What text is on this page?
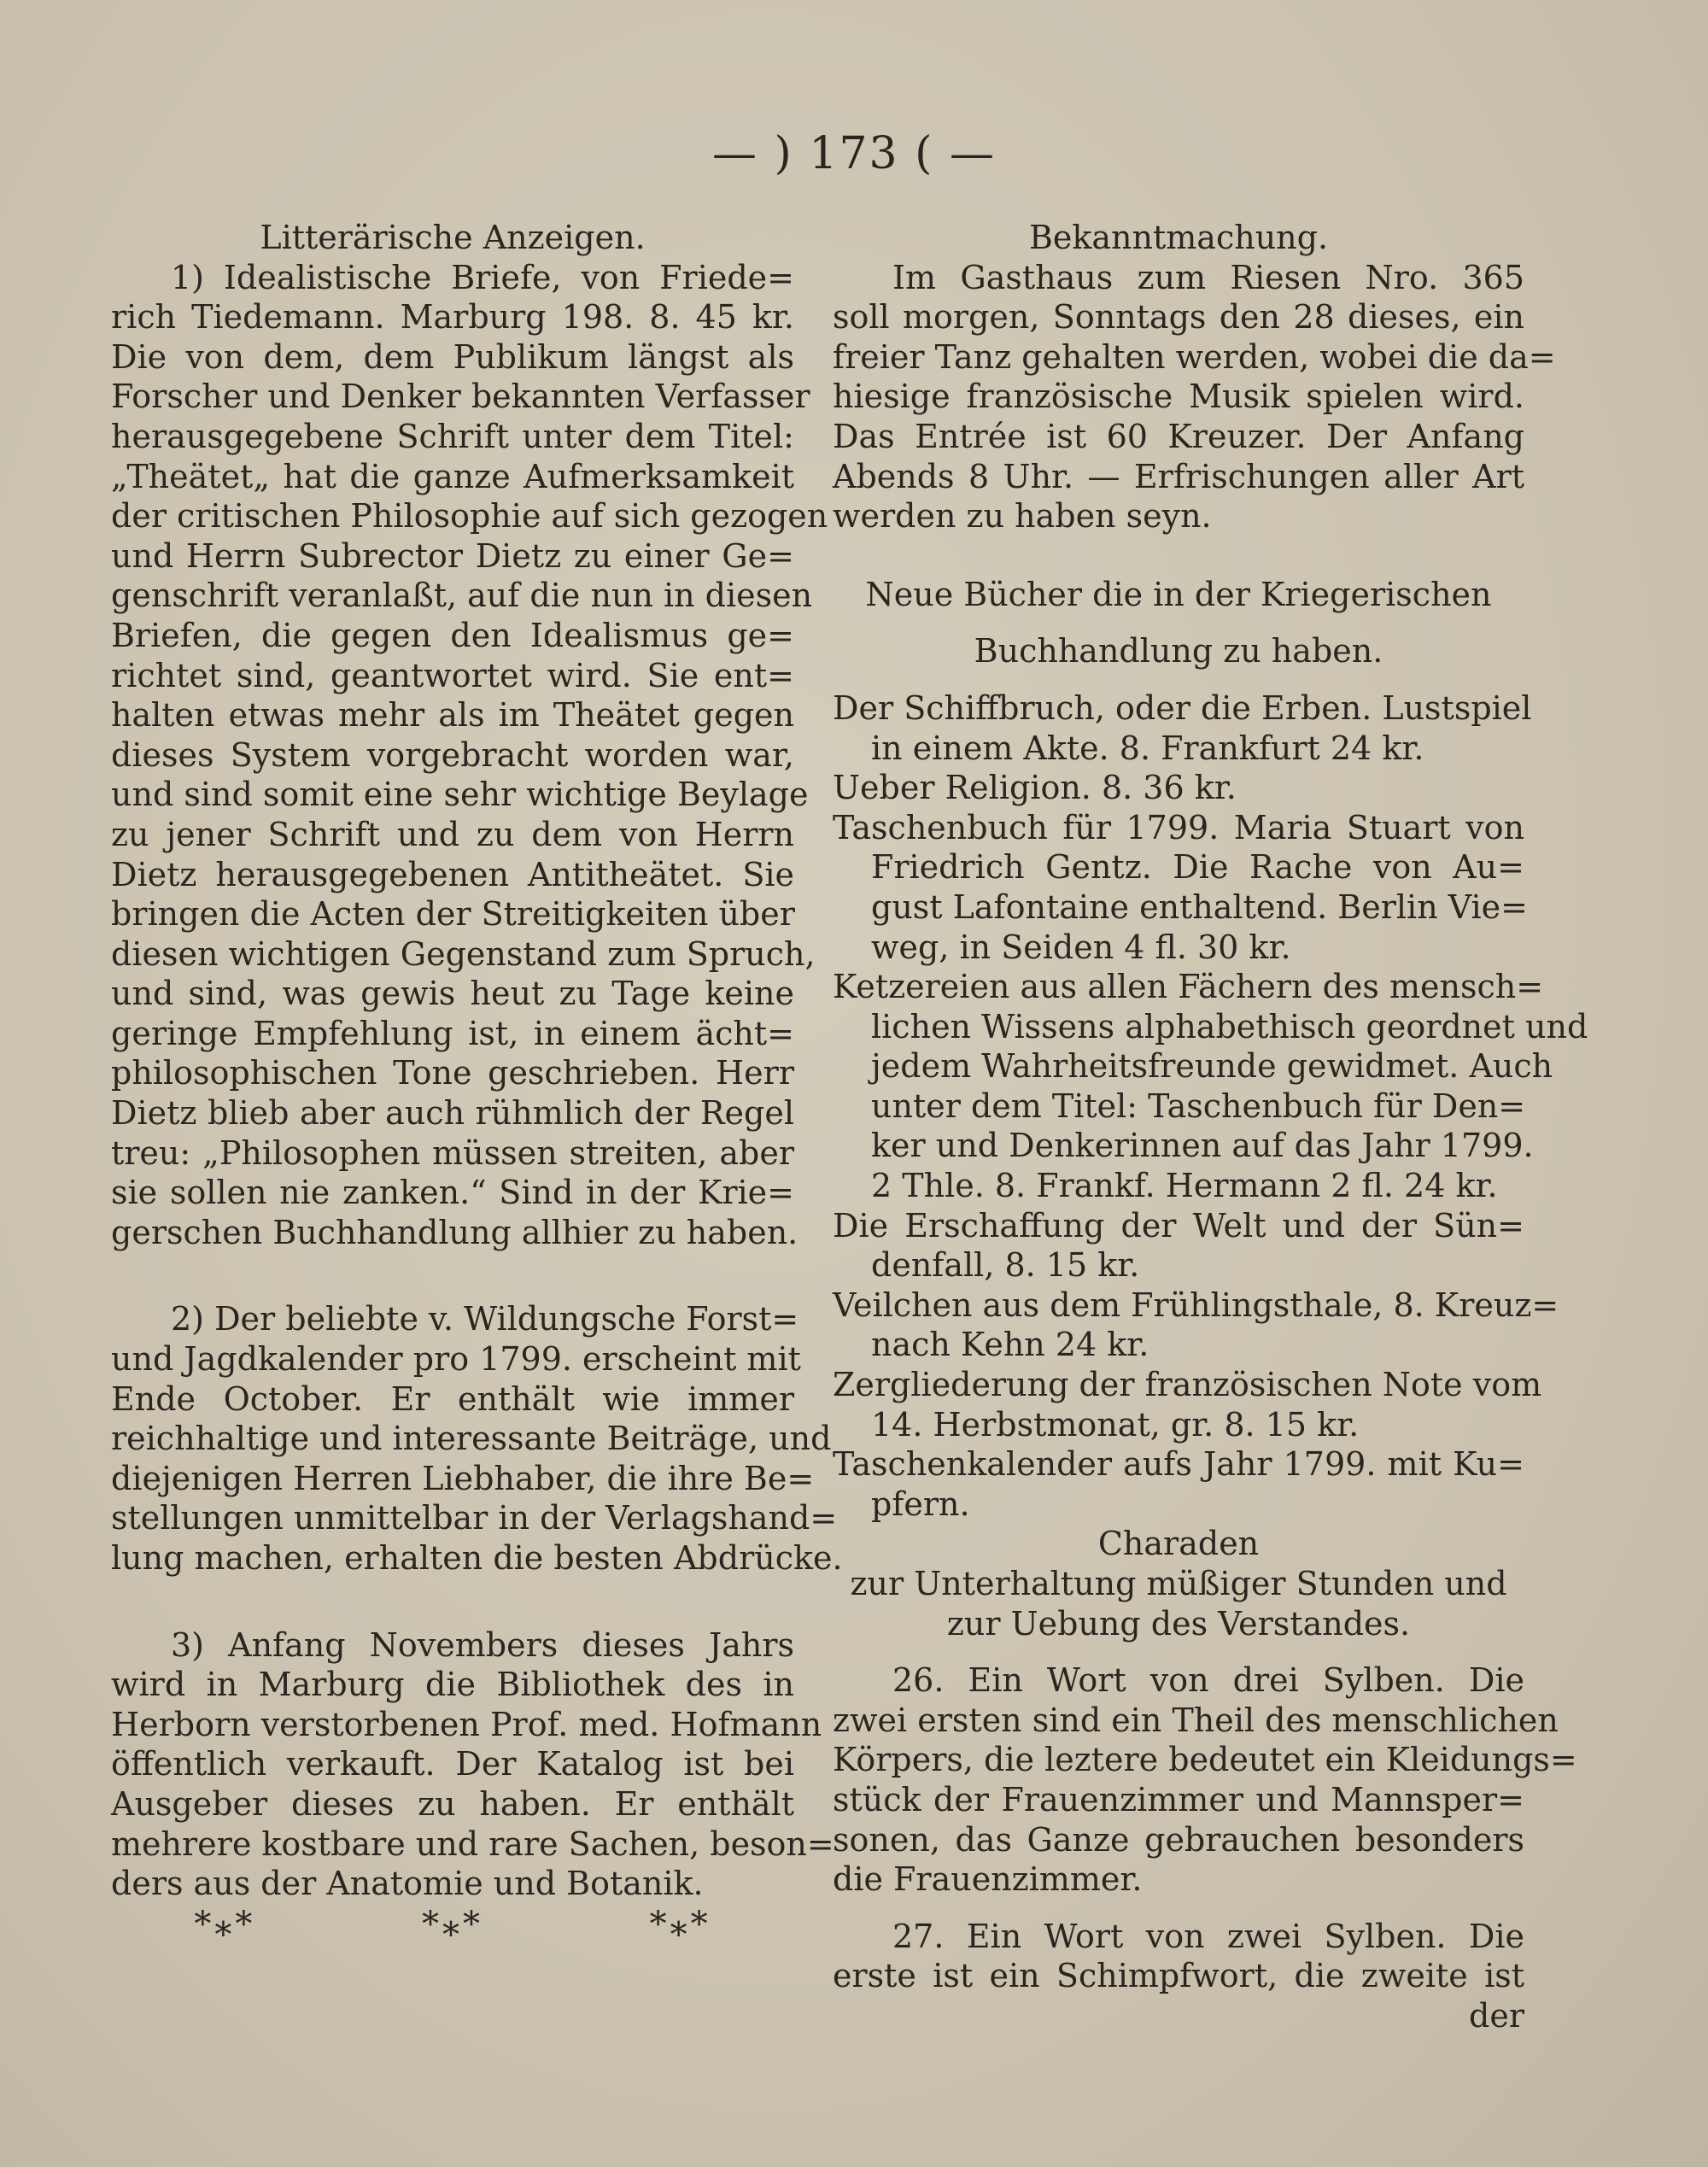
— ) 173 ( —

Litterärische Anzeigen.

1) Idealistische Briefe, von Friede=
rich Tiedemann. Marburg 198. 8. 45 kr.
Die von dem, dem Publikum längst als
Forscher und Denker bekannten Verfasser
herausgegebene Schrift unter dem Titel:
„Theätet„ hat die ganze Aufmerksamkeit
der critischen Philosophie auf sich gezogen
und Herrn Subrector Dietz zu einer Ge=
genschrift veranlaßt, auf die nun in diesen
Briefen, die gegen den Idealismus ge=
richtet sind, geantwortet wird. Sie ent=
halten etwas mehr als im Theätet gegen
dieses System vorgebracht worden war,
und sind somit eine sehr wichtige Beylage
zu jener Schrift und zu dem von Herrn
Dietz herausgegebenen Antitheätet. Sie
bringen die Acten der Streitigkeiten über
diesen wichtigen Gegenstand zum Spruch,
und sind, was gewis heut zu Tage keine
geringe Empfehlung ist, in einem ächt=
philosophischen Tone geschrieben. Herr
Dietz blieb aber auch rühmlich der Regel
treu: „Philosophen müssen streiten, aber
sie sollen nie zanken.“ Sind in der Krie=
gerschen Buchhandlung allhier zu haben.
2) Der beliebte v. Wildungsche Forst=
und Jagdkalender pro 1799. erscheint mit
Ende October. Er enthält wie immer
reichhaltige und interessante Beiträge, und
diejenigen Herren Liebhaber, die ihre Be=
stellungen unmittelbar in der Verlagshand=
lung machen, erhalten die besten Abdrücke.
3) Anfang Novembers dieses Jahrs
wird in Marburg die Bibliothek des in
Herborn verstorbenen Prof. med. Hofmann
öffentlich verkauft. Der Katalog ist bei
Ausgeber dieses zu haben. Er enthält
mehrere kostbare und rare Sachen, beson=
ders aus der Anatomie und Botanik.
*⁎*	*⁎*	*⁎*

Bekanntmachung.

Im Gasthaus zum Riesen Nro. 365
soll morgen, Sonntags den 28 dieses, ein
freier Tanz gehalten werden, wobei die da=
hiesige französische Musik spielen wird.
Das Entrée ist 60 Kreuzer. Der Anfang
Abends 8 Uhr. — Erfrischungen aller Art
werden zu haben seyn.

Neue Bücher die in der Kriegerischen

Buchhandlung zu haben.

Der Schiffbruch, oder die Erben. Lustspiel
in einem Akte. 8. Frankfurt 24 kr.
Ueber Religion. 8. 36 kr.
Taschenbuch für 1799. Maria Stuart von
Friedrich Gentz. Die Rache von Au=
gust Lafontaine enthaltend. Berlin Vie=
weg, in Seiden 4 fl. 30 kr.
Ketzereien aus allen Fächern des mensch=
lichen Wissens alphabethisch geordnet und
jedem Wahrheitsfreunde gewidmet. Auch
unter dem Titel: Taschenbuch für Den=
ker und Denkerinnen auf das Jahr 1799.
2 Thle. 8. Frankf. Hermann 2 fl. 24 kr.
Die Erschaffung der Welt und der Sün=
denfall, 8. 15 kr.
Veilchen aus dem Frühlingsthale, 8. Kreuz=
nach Kehn 24 kr.
Zergliederung der französischen Note vom
14. Herbstmonat, gr. 8. 15 kr.
Taschenkalender aufs Jahr 1799. mit Ku=
pfern.

Charaden

zur Unterhaltung müßiger Stunden und

zur Uebung des Verstandes.

26. Ein Wort von drei Sylben. Die
zwei ersten sind ein Theil des menschlichen
Körpers, die leztere bedeutet ein Kleidungs=
stück der Frauenzimmer und Mannsper=
sonen, das Ganze gebrauchen besonders
die Frauenzimmer.
27. Ein Wort von zwei Sylben. Die
erste ist ein Schimpfwort, die zweite ist
der
